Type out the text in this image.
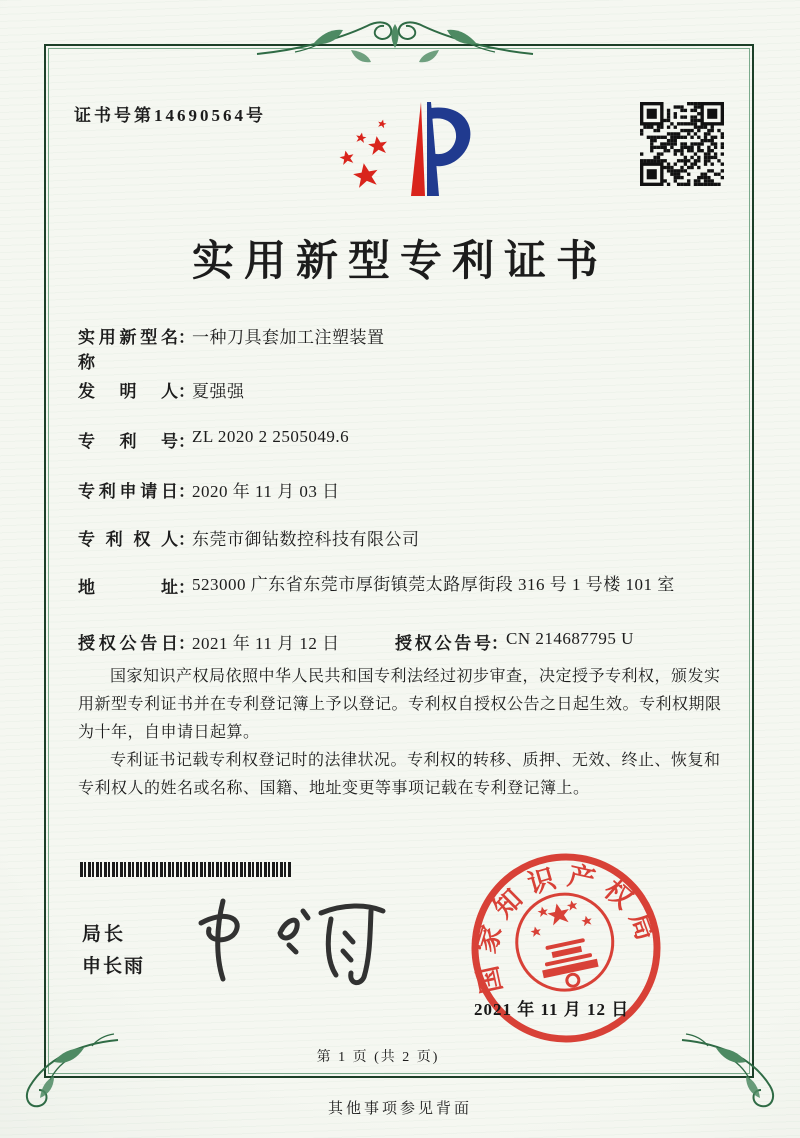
证书号第14690564号
实用新型专利证书
实用新型名称
：
一种刀具套加工注塑装置
发明人 ：
夏强强
专利号 ：
ZL 2020 2 2505049.6
专利申请日 ：
2020 年 11 月 03 日
专利权人 ：
东莞市御钻数控科技有限公司
地址 ：
523000 广东省东莞市厚街镇莞太路厚街段 316 号 1 号楼 101 室
授权公告日 ：
2021 年 11 月 12 日	授权公告号 ：
CN 214687795 U

国家知识产权局依照中华人民共和国专利法经过初步审查，决定授予专利权，颁发实用新型专利证书并在专利登记簿上予以登记。专利权自授权公告之日起生效。专利权期限为十年，自申请日起算。

专利证书记载专利权登记时的法律状况。专利权的转移、质押、无效、终止、恢复和专利权人的姓名或名称、国籍、地址变更等事项记载在专利登记簿上。

局长
申长雨	国家知识产权局
2021 年 11 月 12 日
第 1 页 (共 2 页)
其他事项参见背面
